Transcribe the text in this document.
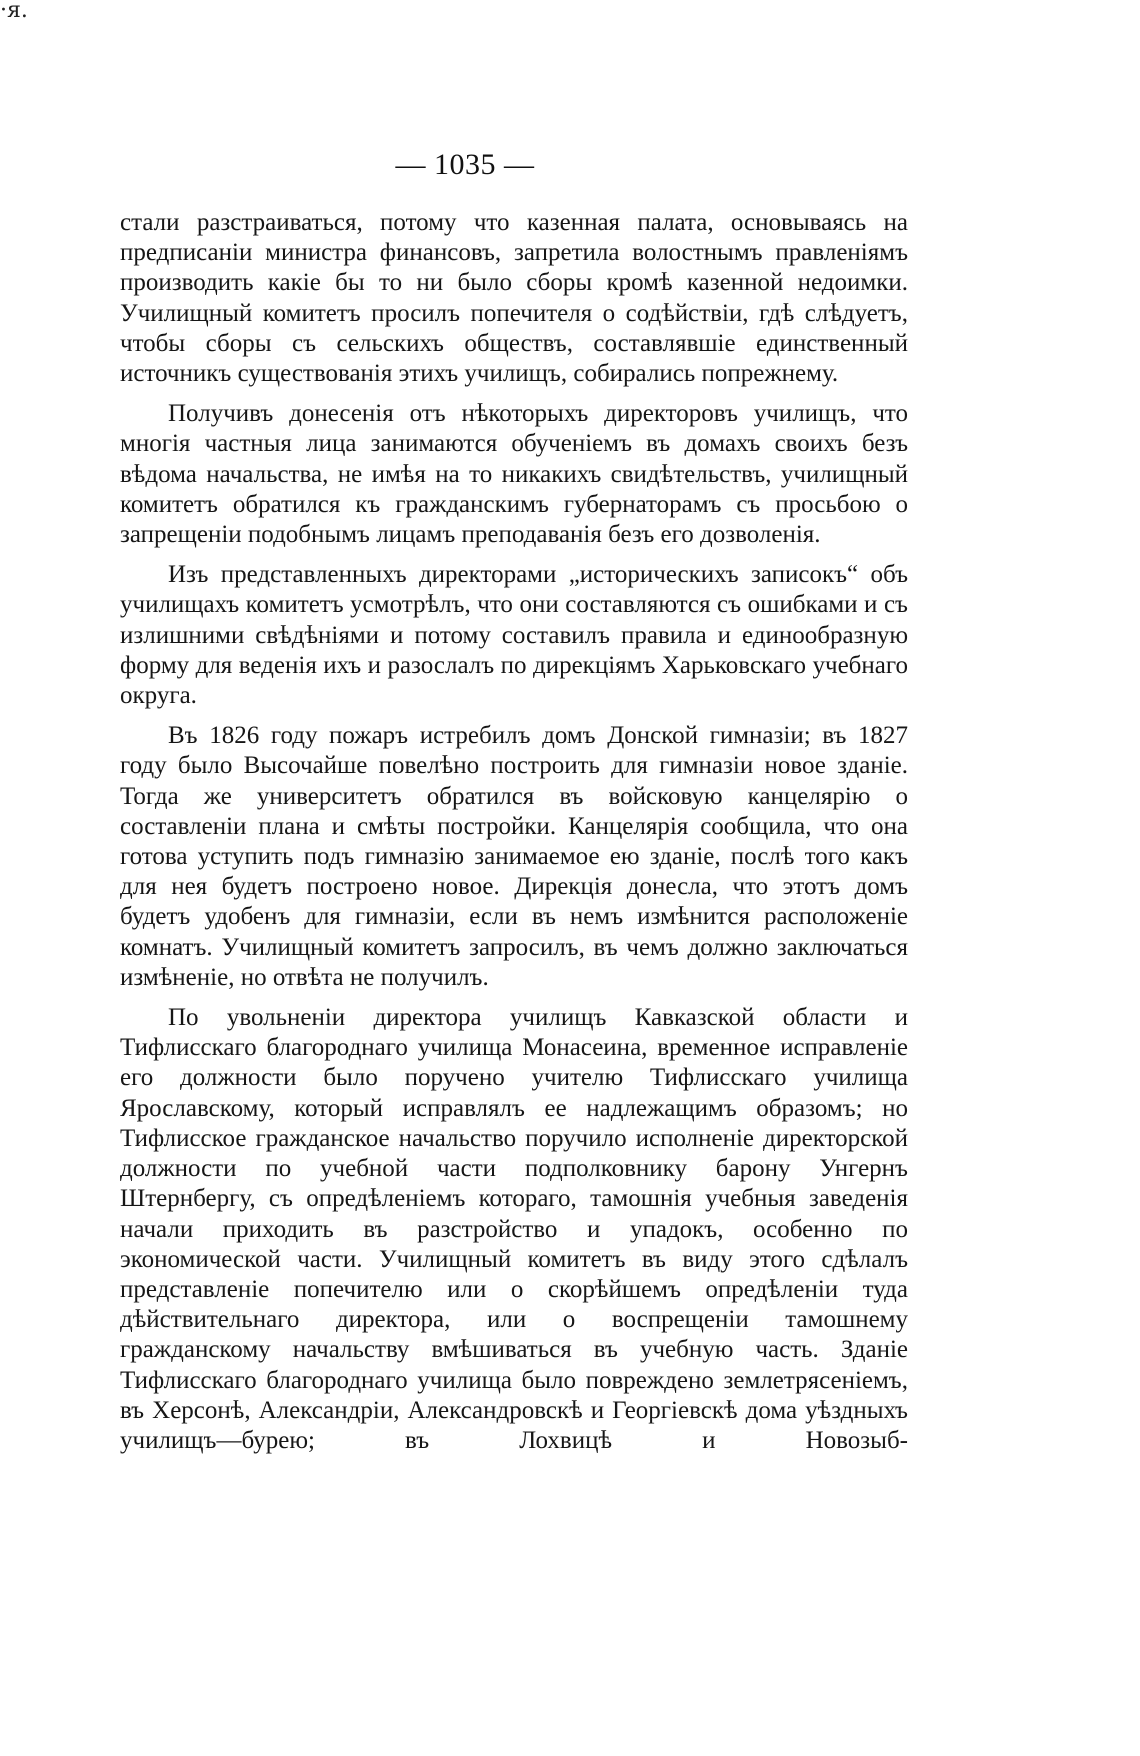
·я.
— 1035 —

стали разстраиваться, потому что казенная палата, основываясь на предписаніи министра финансовъ, запретила волостнымъ правленіямъ производить какіе бы то ни было сборы кромѣ казенной недоимки. Училищный комитетъ просилъ попечителя о содѣйствіи, гдѣ слѣдуетъ, чтобы сборы съ сельскихъ обществъ, составлявшіе единственный источникъ существованія этихъ училищъ, собирались попрежнему.

Получивъ донесенія отъ нѣкоторыхъ директоровъ училищъ, что многія частныя лица занимаются обученіемъ въ домахъ своихъ безъ вѣдома начальства, не имѣя на то никакихъ свидѣтельствъ, училищный комитетъ обратился къ гражданскимъ губернаторамъ съ просьбою о запрещеніи подобнымъ лицамъ преподаванія безъ его дозволенія.

Изъ представленныхъ директорами „историческихъ записокъ“ объ училищахъ комитетъ усмотрѣлъ, что они составляются съ ошибками и съ излишними свѣдѣніями и потому составилъ правила и единообразную форму для веденія ихъ и разослалъ по дирекціямъ Харьковскаго учебнаго округа.

Въ 1826 году пожаръ истребилъ домъ Донской гимназіи; въ 1827 году было Высочайше повелѣно построить для гимназіи новое зданіе. Тогда же университетъ обратился въ войсковую канцелярію о составленіи плана и смѣты постройки. Канцелярія сообщила, что она готова уступить подъ гимназію занимаемое ею зданіе, послѣ того какъ для нея будетъ построено новое. Дирекція донесла, что этотъ домъ будетъ удобенъ для гимназіи, если въ немъ измѣнится расположеніе комнатъ. Училищный комитетъ запросилъ, въ чемъ должно заключаться измѣненіе, но отвѣта не получилъ.

По увольненіи директора училищъ Кавказской области и Тифлисскаго благороднаго училища Монасеина, временное исправленіе его должности было поручено учителю Тифлисскаго училища Ярославскому, который исправлялъ ее надлежащимъ образомъ; но Тифлисское гражданское начальство поручило исполненіе директорской должности по учебной части подполковнику барону Унгернъ Штернбергу, съ опредѣленіемъ котораго, тамошнія учебныя заведенія начали приходить въ разстройство и упадокъ, особенно по экономической части. Училищный комитетъ въ виду этого сдѣлалъ представленіе попечителю или о скорѣйшемъ опредѣленіи туда дѣйствительнаго директора, или о воспрещеніи тамошнему гражданскому начальству вмѣшиваться въ учебную часть. Зданіе Тифлисскаго благороднаго училища было повреждено землетрясеніемъ, въ Херсонѣ, Александріи, Александровскѣ и Георгіевскѣ дома уѣздныхъ училищъ—бурею; въ Лохвицѣ и Новозыб-
